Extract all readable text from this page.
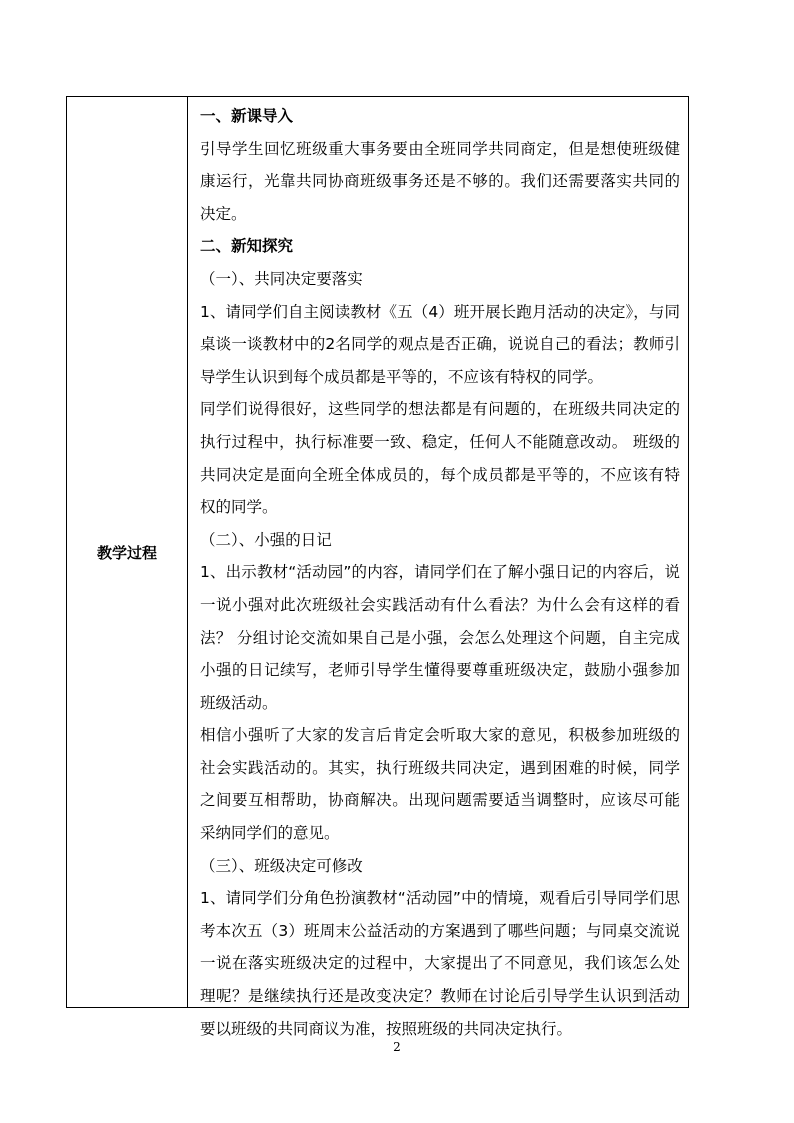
教学过程

一、新课导入

引导学生回忆班级重大事务要由全班同学共同商定，但是想使班级健康运行，光靠共同协商班级事务还是不够的。我们还需要落实共同的决定。

二、新知探究

（一）、共同决定要落实

1、请同学们自主阅读教材《五（4）班开展长跑月活动的决定》，与同桌谈一谈教材中的2名同学的观点是否正确，说说自己的看法；教师引导学生认识到每个成员都是平等的，不应该有特权的同学。

同学们说得很好，这些同学的想法都是有问题的，在班级共同决定的执行过程中，执行标准要一致、稳定，任何人不能随意改动。 班级的共同决定是面向全班全体成员的，每个成员都是平等的，不应该有特权的同学。

（二）、小强的日记

1、出示教材“活动园”的内容，请同学们在了解小强日记的内容后，说一说小强对此次班级社会实践活动有什么看法？为什么会有这样的看法？ 分组讨论交流如果自己是小强，会怎么处理这个问题，自主完成小强的日记续写，老师引导学生懂得要尊重班级决定，鼓励小强参加班级活动。

相信小强听了大家的发言后肯定会听取大家的意见，积极参加班级的社会实践活动的。其实，执行班级共同决定，遇到困难的时候，同学之间要互相帮助，协商解决。出现问题需要适当调整时，应该尽可能采纳同学们的意见。

（三）、班级决定可修改

1、请同学们分角色扮演教材“活动园”中的情境，观看后引导同学们思考本次五（3）班周末公益活动的方案遇到了哪些问题；与同桌交流说一说在落实班级决定的过程中，大家提出了不同意见，我们该怎么处理呢？是继续执行还是改变决定？教师在讨论后引导学生认识到活动要以班级的共同商议为准，按照班级的共同决定执行。

2
